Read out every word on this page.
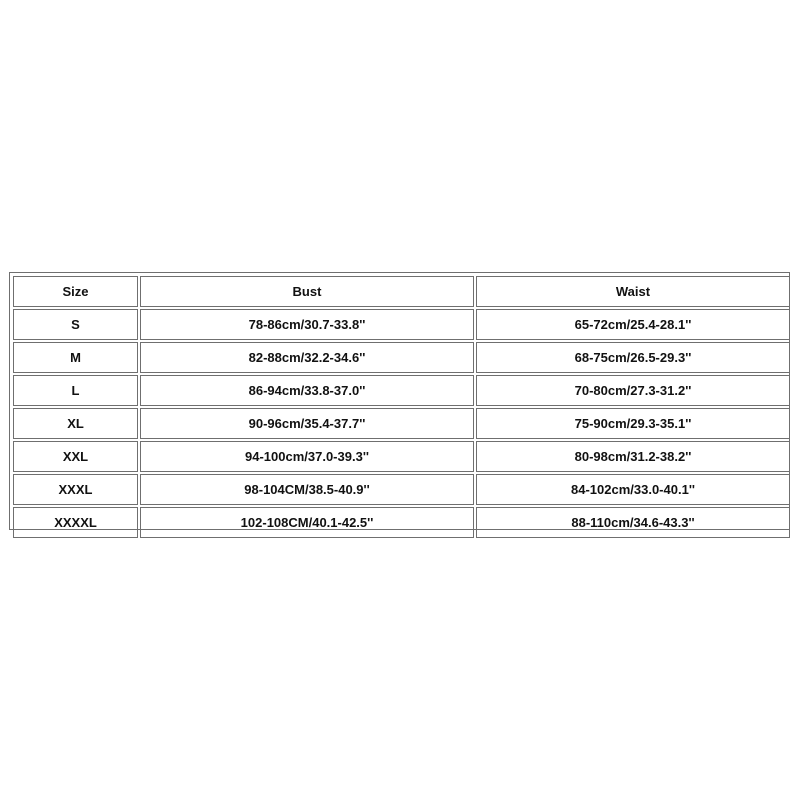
Size	Bust	Waist
S	78-86cm/30.7-33.8''	65-72cm/25.4-28.1''
M	82-88cm/32.2-34.6''	68-75cm/26.5-29.3''
L	86-94cm/33.8-37.0''	70-80cm/27.3-31.2''
XL	90-96cm/35.4-37.7''	75-90cm/29.3-35.1''
XXL	94-100cm/37.0-39.3''	80-98cm/31.2-38.2''
XXXL	98-104CM/38.5-40.9''	84-102cm/33.0-40.1''
XXXXL	102-108CM/40.1-42.5''	88-110cm/34.6-43.3''
